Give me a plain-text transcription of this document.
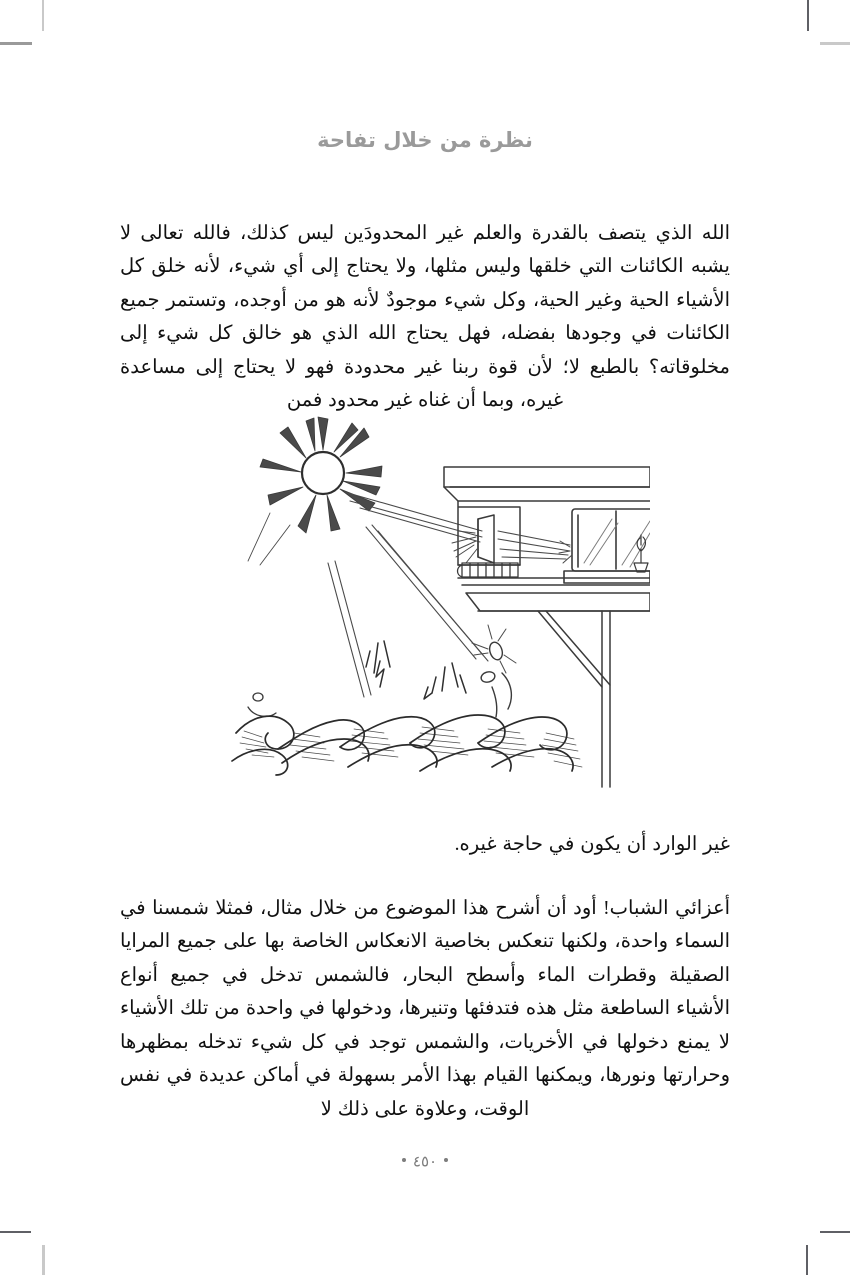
نظرة من خلال تفاحة

الله الذي يتصف بالقدرة والعلم غير المحدودَين ليس كذلك، فالله تعالى لا يشبه الكائنات التي خلقها وليس مثلها، ولا يحتاج إلى أي شيء، لأنه خلق كل الأشياء الحية وغير الحية، وكل شيء موجودٌ لأنه هو من أوجده، وتستمر جميع الكائنات في وجودها بفضله، فهل يحتاج الله الذي هو خالق كل شيء إلى مخلوقاته؟ بالطبع لا؛ لأن قوة ربنا غير محدودة فهو لا يحتاج إلى مساعدة غيره، وبما أن غناه غير محدود فمن

غير الوارد أن يكون في حاجة غيره.

أعزائي الشباب! أود أن أشرح هذا الموضوع من خلال مثال، فمثلا شمسنا في السماء واحدة، ولكنها تنعكس بخاصية الانعكاس الخاصة بها على جميع المرايا الصقيلة وقطرات الماء وأسطح البحار، فالشمس تدخل في جميع أنواع الأشياء الساطعة مثل هذه فتدفئها وتنيرها، ودخولها في واحدة من تلك الأشياء لا يمنع دخولها في الأخريات، والشمس توجد في كل شيء تدخله بمظهرها وحرارتها ونورها، ويمكنها القيام بهذا الأمر بسهولة في أماكن عديدة في نفس الوقت، وعلاوة على ذلك لا

٤٥٠
